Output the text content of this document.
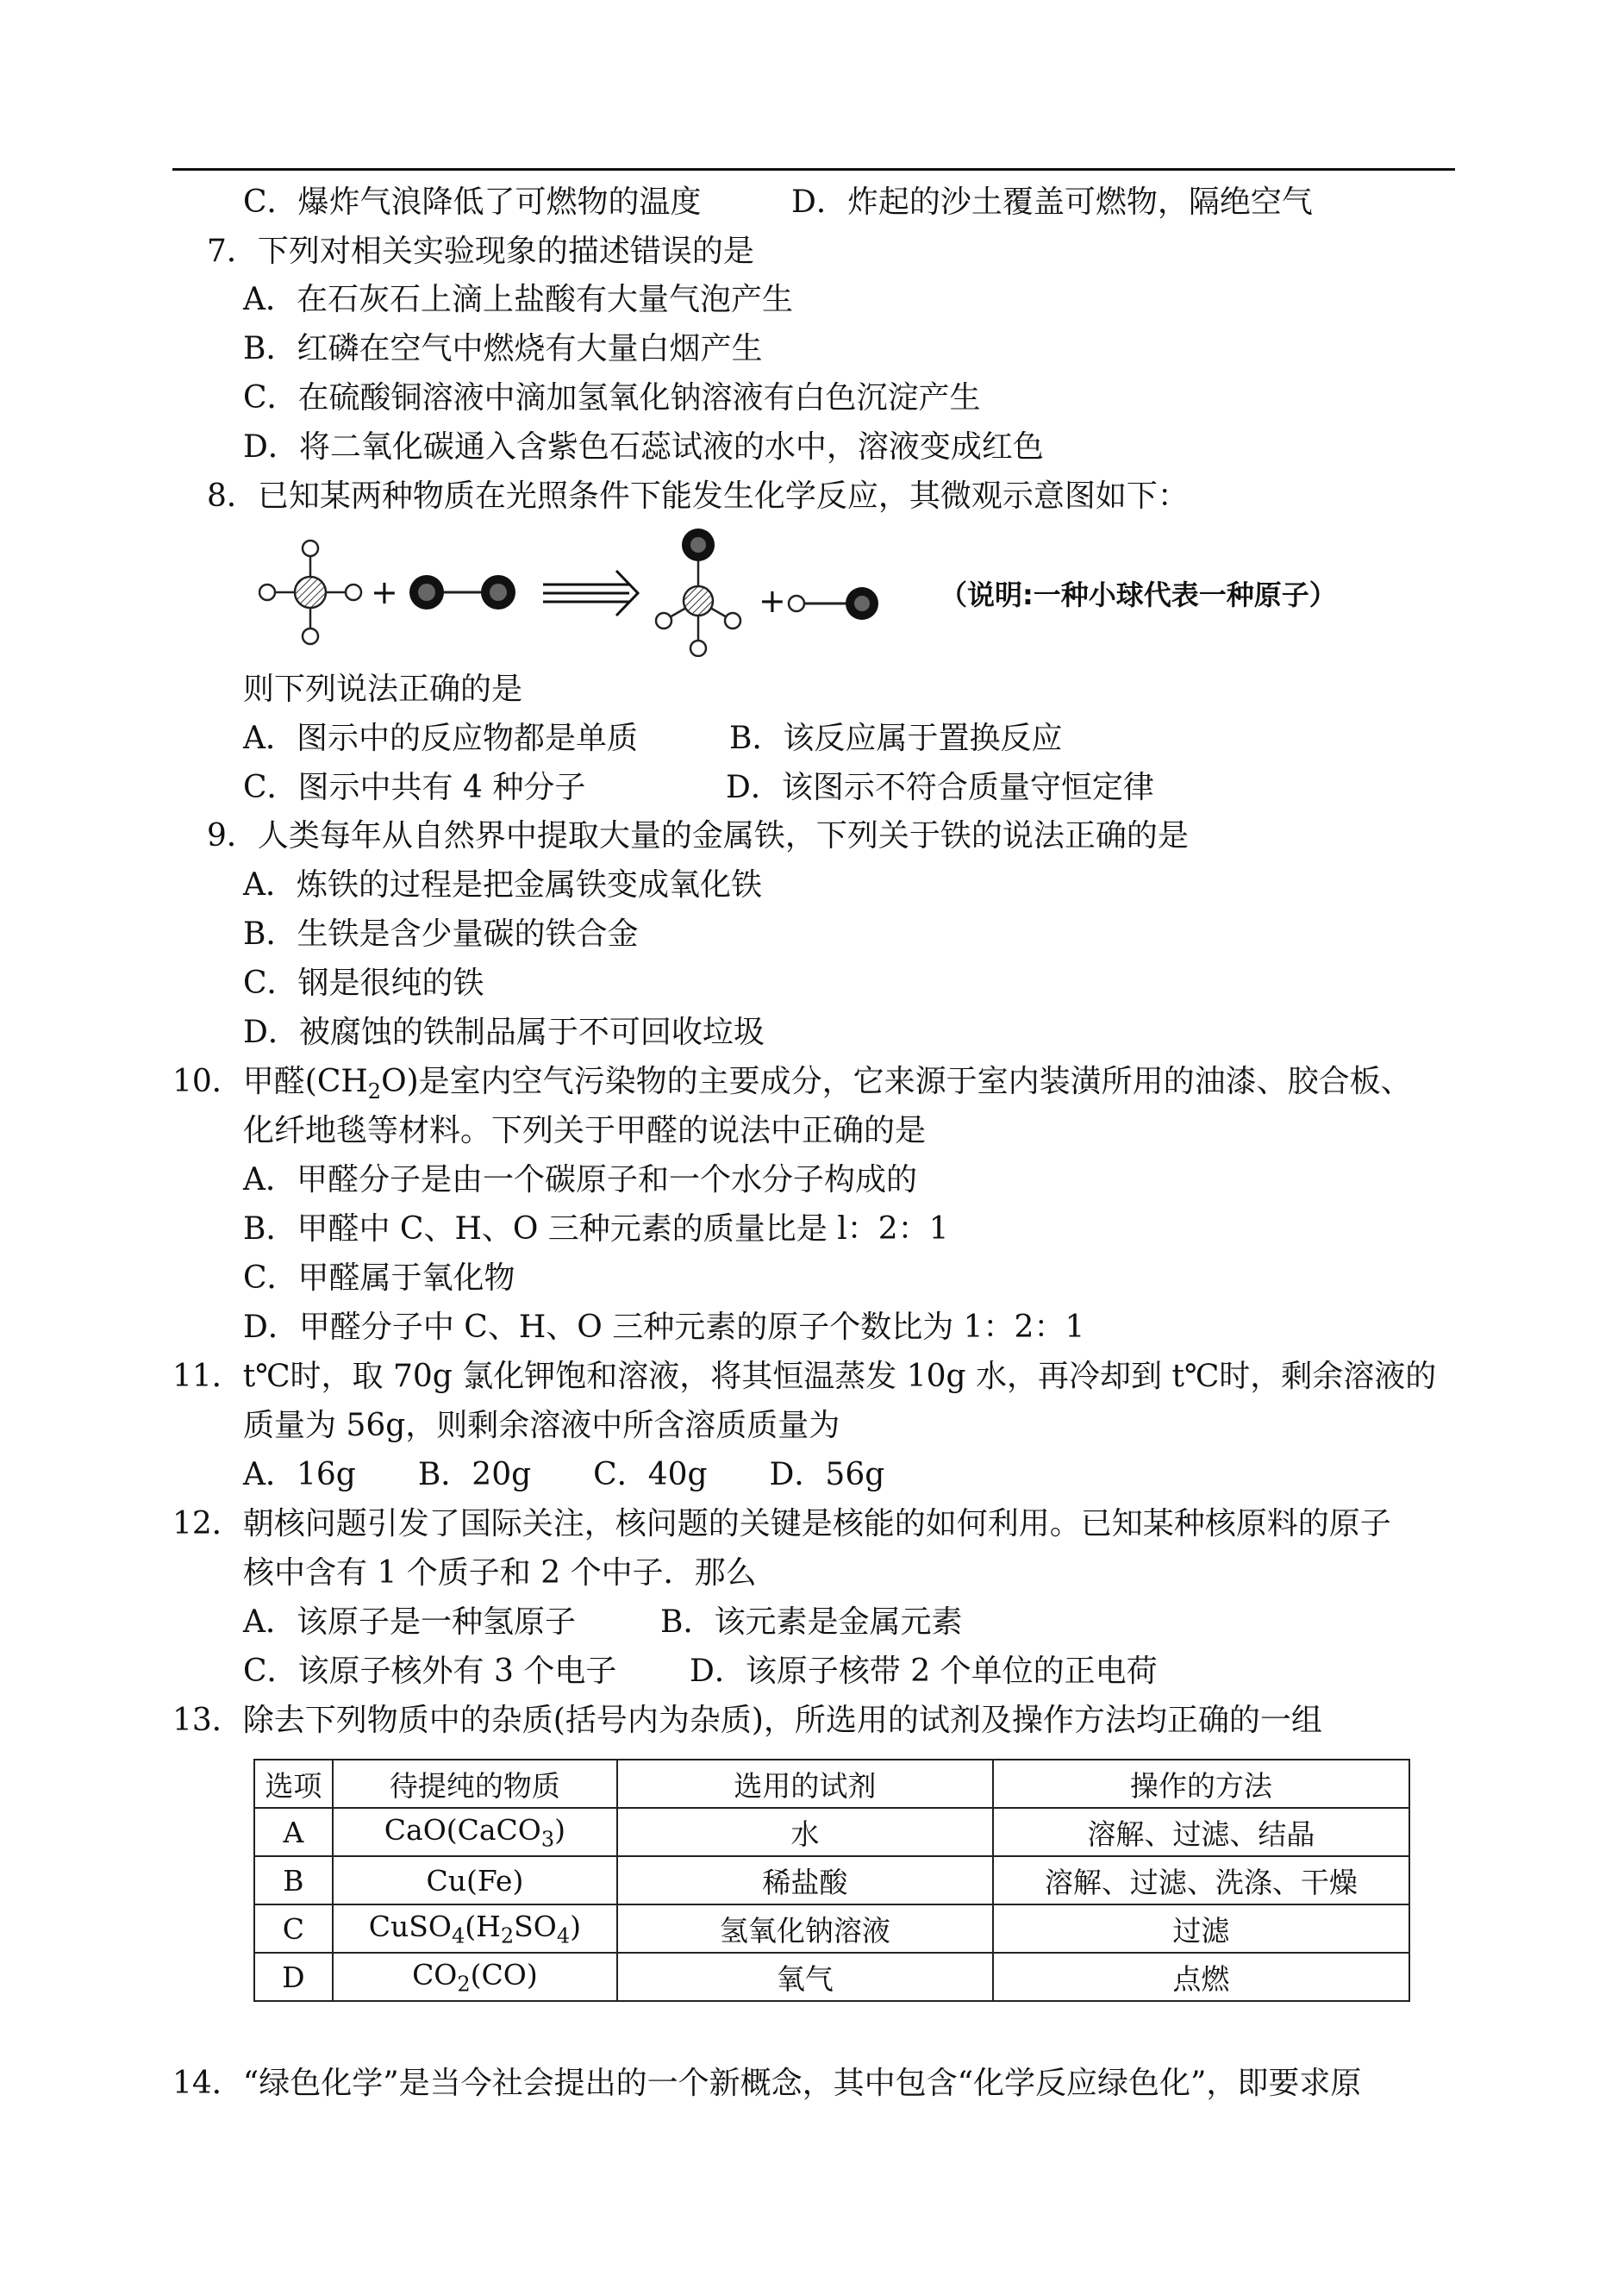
C．爆炸气浪降低了可燃物的温度	D．炸起的沙土覆盖可燃物，隔绝空气
7．下列对相关实验现象的描述错误的是
A．在石灰石上滴上盐酸有大量气泡产生
B．红磷在空气中燃烧有大量白烟产生
C．在硫酸铜溶液中滴加氢氧化钠溶液有白色沉淀产生
D．将二氧化碳通入含紫色石蕊试液的水中，溶液变成红色
8．已知某两种物质在光照条件下能发生化学反应，其微观示意图如下：
+	+	（说明:一种小球代表一种原子）
则下列说法正确的是
A．图示中的反应物都是单质	B．该反应属于置换反应
C．图示中共有 4 种分子	D．该图示不符合质量守恒定律
9．人类每年从自然界中提取大量的金属铁，下列关于铁的说法正确的是
A．炼铁的过程是把金属铁变成氧化铁
B．生铁是含少量碳的铁合金
C．钢是很纯的铁
D．被腐蚀的铁制品属于不可回收垃圾
10．甲醛$(CH_2O)$是室内空气污染物的主要成分，它来源于室内装潢所用的油漆、胶合板、
化纤地毯等材料。下列关于甲醛的说法中正确的是
A．甲醛分子是由一个碳原子和一个水分子构成的
B．甲醛中 C、H、O 三种元素的质量比是 l：2：1
C．甲醛属于氧化物
D．甲醛分子中 C、H、O 三种元素的原子个数比为 1：2：1
11．t℃时，取 70g 氯化钾饱和溶液，将其恒温蒸发 10g 水，再冷却到 t℃时，剩余溶液的
质量为 56g，则剩余溶液中所含溶质质量为
A．16g　　B．20g　　C．40g　　D．56g
12．朝核问题引发了国际关注，核问题的关键是核能的如何利用。已知某种核原料的原子
核中含有 1 个质子和 2 个中子．那么
A．该原子是一种氢原子	B．该元素是金属元素
C．该原子核外有 3 个电子 D．该原子核带 2 个单位的正电荷
13．除去下列物质中的杂质(括号内为杂质)，所选用的试剂及操作方法均正确的一组
选项	待提纯的物质	选用的试剂	操作的方法
A	CaO(CaCO$_3$)	水	溶解、过滤、结晶
B	Cu(Fe)	稀盐酸	溶解、过滤、洗涤、干燥
C	$CuSO_4(H_2SO_4)$	氢氧化钠溶液	过滤
D	$CO_2(CO)$	氧气	点燃
14．“绿色化学”是当今社会提出的一个新概念，其中包含“化学反应绿色化”，即要求原
